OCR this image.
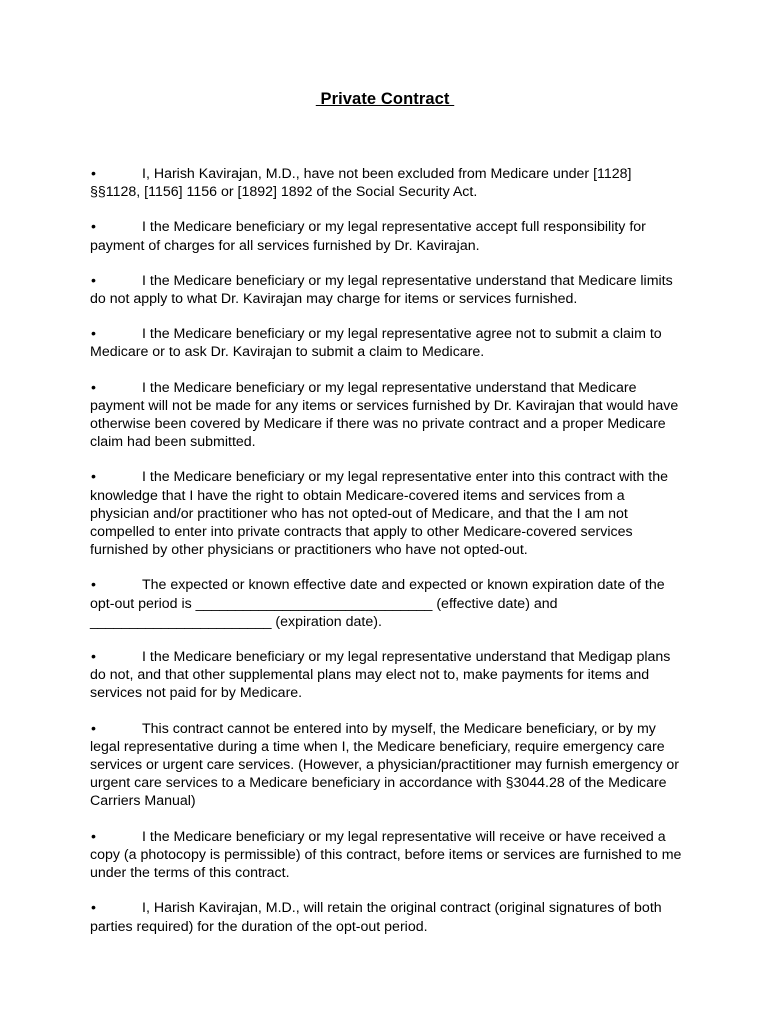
Private Contract
•	I, Harish Kavirajan, M.D., have not been excluded from Medicare under [1128] §§1128, [1156] 1156 or [1892] 1892 of the Social Security Act.
•	I the Medicare beneficiary or my legal representative accept full responsibility for payment of charges for all services furnished by Dr. Kavirajan.
•	I the Medicare beneficiary or my legal representative understand that Medicare limits do not apply to what Dr. Kavirajan may charge for items or services furnished.
•	I the Medicare beneficiary or my legal representative agree not to submit a claim to Medicare or to ask Dr. Kavirajan to submit a claim to Medicare.
•	I the Medicare beneficiary or my legal representative understand that Medicare payment will not be made for any items or services furnished by Dr. Kavirajan that would have otherwise been covered by Medicare if there was no private contract and a proper Medicare claim had been submitted.
•	I the Medicare beneficiary or my legal representative enter into this contract with the knowledge that I have the right to obtain Medicare-covered items and services from a physician and/or practitioner who has not opted-out of Medicare, and that the I am not compelled to enter into private contracts that apply to other Medicare-covered services furnished by other physicians or practitioners who have not opted-out.
•	The expected or known effective date and expected or known expiration date of the opt-out period is ______________________________ (effective date) and _______________________ (expiration date).
•	I the Medicare beneficiary or my legal representative understand that Medigap plans do not, and that other supplemental plans may elect not to, make payments for items and services not paid for by Medicare.
•	This contract cannot be entered into by myself, the Medicare beneficiary, or by my legal representative during a time when I, the Medicare beneficiary, require emergency care services or urgent care services. (However, a physician/practitioner may furnish emergency or urgent care services to a Medicare beneficiary in accordance with §3044.28 of the Medicare Carriers Manual)
•	I the Medicare beneficiary or my legal representative will receive or have received a copy (a photocopy is permissible) of this contract, before items or services are furnished to me under the terms of this contract.
•	I, Harish Kavirajan, M.D., will retain the original contract (original signatures of both parties required) for the duration of the opt-out period.
